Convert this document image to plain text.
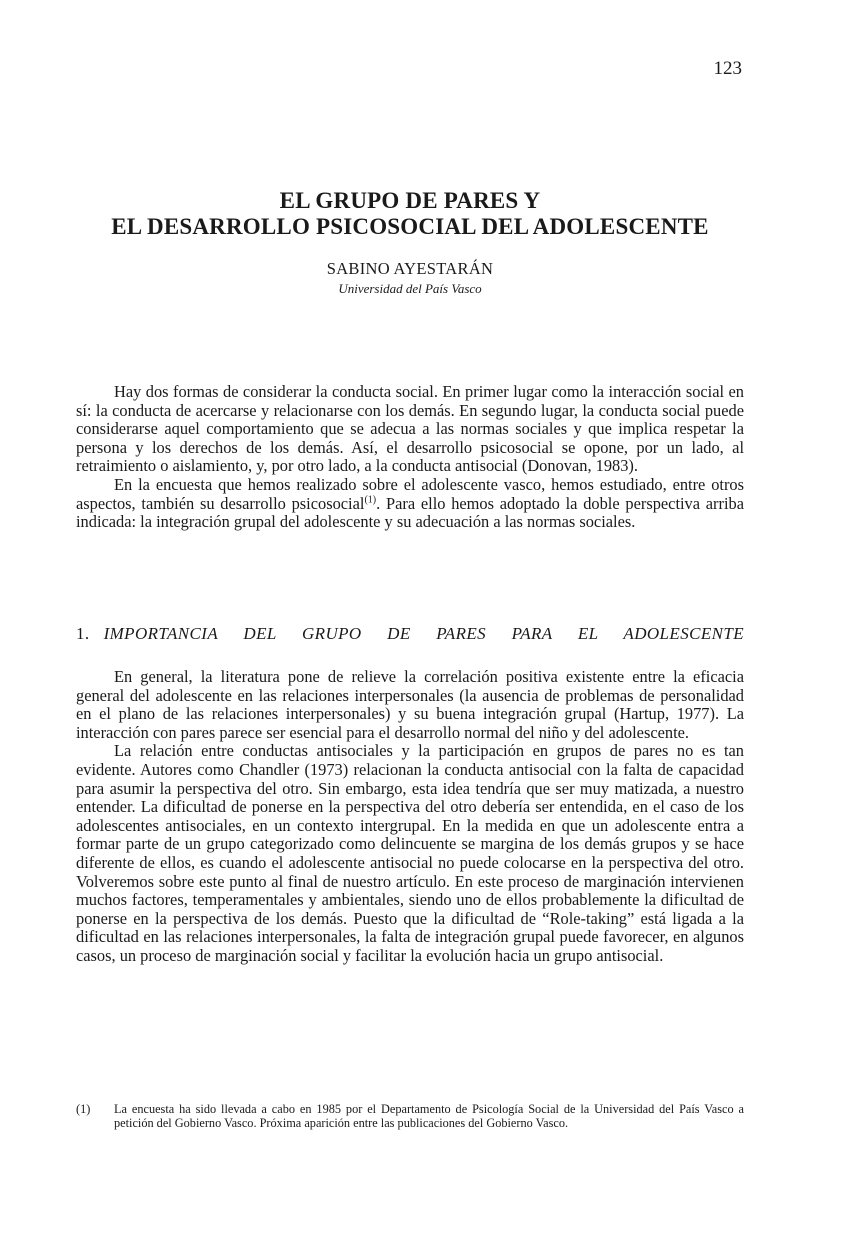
123
EL GRUPO DE PARES Y
EL DESARROLLO PSICOSOCIAL DEL ADOLESCENTE
SABINO AYESTARÁN
Universidad del País Vasco

Hay dos formas de considerar la conducta social. En primer lugar como la interacción social en sí: la conducta de acercarse y relacionarse con los demás. En segundo lugar, la conducta social puede considerarse aquel comportamiento que se adecua a las normas sociales y que implica respetar la persona y los derechos de los demás. Así, el desarrollo psicosocial se opone, por un lado, al retraimiento o aislamiento, y, por otro lado, a la conducta antisocial (Donovan, 1983).

En la encuesta que hemos realizado sobre el adolescente vasco, hemos estudiado, entre otros aspectos, también su desarrollo psicosocial$^{(1)}$. Para ello hemos adoptado la doble perspectiva arriba indicada: la integración grupal del adolescente y su adecuación a las normas sociales.

1. IMPORTANCIA DEL GRUPO DE PARES PARA EL ADOLESCENTE

En general, la literatura pone de relieve la correlación positiva existente entre la eficacia general del adolescente en las relaciones interpersonales (la ausencia de problemas de personalidad en el plano de las relaciones interpersonales) y su buena integración grupal (Hartup, 1977). La interacción con pares parece ser esencial para el desarrollo normal del niño y del adolescente.

La relación entre conductas antisociales y la participación en grupos de pares no es tan evidente. Autores como Chandler (1973) relacionan la conducta antisocial con la falta de capacidad para asumir la perspectiva del otro. Sin embargo, esta idea tendría que ser muy matizada, a nuestro entender. La dificultad de ponerse en la perspectiva del otro debería ser entendida, en el caso de los adolescentes antisociales, en un contexto intergrupal. En la medida en que un adolescente entra a formar parte de un grupo categorizado como delincuente se margina de los demás grupos y se hace diferente de ellos, es cuando el adolescente antisocial no puede colocarse en la perspectiva del otro. Volveremos sobre este punto al final de nuestro artículo. En este proceso de marginación intervienen muchos factores, temperamentales y ambientales, siendo uno de ellos probablemente la dificultad de ponerse en la perspectiva de los demás. Puesto que la dificultad de “Role-taking” está ligada a la dificultad en las relaciones interpersonales, la falta de integración grupal puede favorecer, en algunos casos, un proceso de marginación social y facilitar la evolución hacia un grupo antisocial.

(1)	La encuesta ha sido llevada a cabo en 1985 por el Departamento de Psicología Social de la Universidad del País Vasco a petición del Gobierno Vasco. Próxima aparición entre las publicaciones del Gobierno Vasco.
